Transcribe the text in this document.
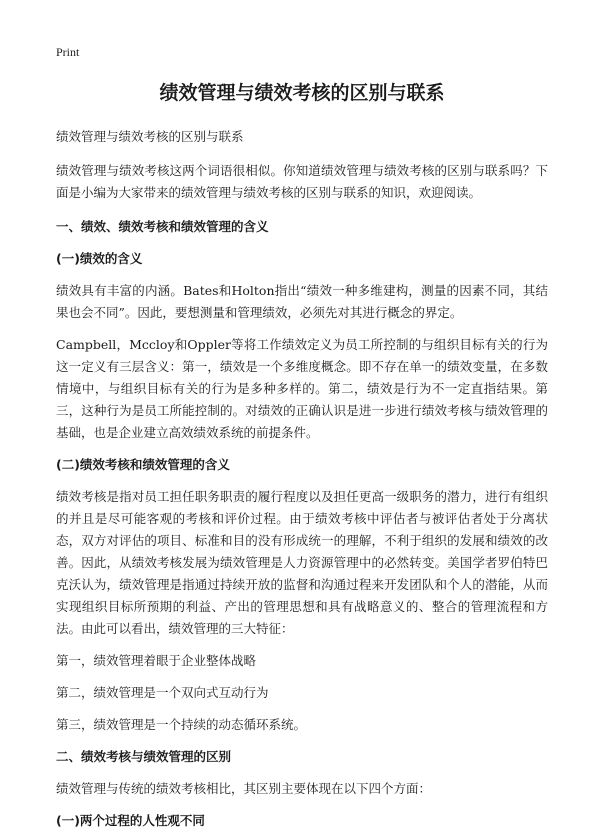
Print
绩效管理与绩效考核的区别与联系

绩效管理与绩效考核的区别与联系

绩效管理与绩效考核这两个词语很相似。你知道绩效管理与绩效考核的区别与联系吗？下面是小编为大家带来的绩效管理与绩效考核的区别与联系的知识，欢迎阅读。

一、绩效、绩效考核和绩效管理的含义
(一)绩效的含义

绩效具有丰富的内涵。Bates和Holton指出“绩效一种多维建构，测量的因素不同，其结果也会不同”。因此，要想测量和管理绩效，必须先对其进行概念的界定。

Campbell，Mccloy和Oppler等将工作绩效定义为员工所控制的与组织目标有关的行为这一定义有三层含义：第一，绩效是一个多维度概念。即不存在单一的绩效变量，在多数情境中，与组织目标有关的行为是多种多样的。第二，绩效是行为不一定直指结果。第三，这种行为是员工所能控制的。对绩效的正确认识是进一步进行绩效考核与绩效管理的基础，也是企业建立高效绩效系统的前提条件。

(二)绩效考核和绩效管理的含义

绩效考核是指对员工担任职务职责的履行程度以及担任更高一级职务的潜力，进行有组织的并且是尽可能客观的考核和评价过程。由于绩效考核中评估者与被评估者处于分离状态，双方对评估的项目、标准和目的没有形成统一的理解，不利于组织的发展和绩效的改善。因此，从绩效考核发展为绩效管理是人力资源管理中的必然转变。美国学者罗伯特巴克沃认为，绩效管理是指通过持续开放的监督和沟通过程来开发团队和个人的潜能，从而实现组织目标所预期的利益、产出的管理思想和具有战略意义的、整合的管理流程和方法。由此可以看出，绩效管理的三大特征：

第一，绩效管理着眼于企业整体战略

第二，绩效管理是一个双向式互动行为

第三，绩效管理是一个持续的动态循环系统。

二、绩效考核与绩效管理的区别

绩效管理与传统的绩效考核相比，其区别主要体现在以下四个方面：

(一)两个过程的人性观不同
